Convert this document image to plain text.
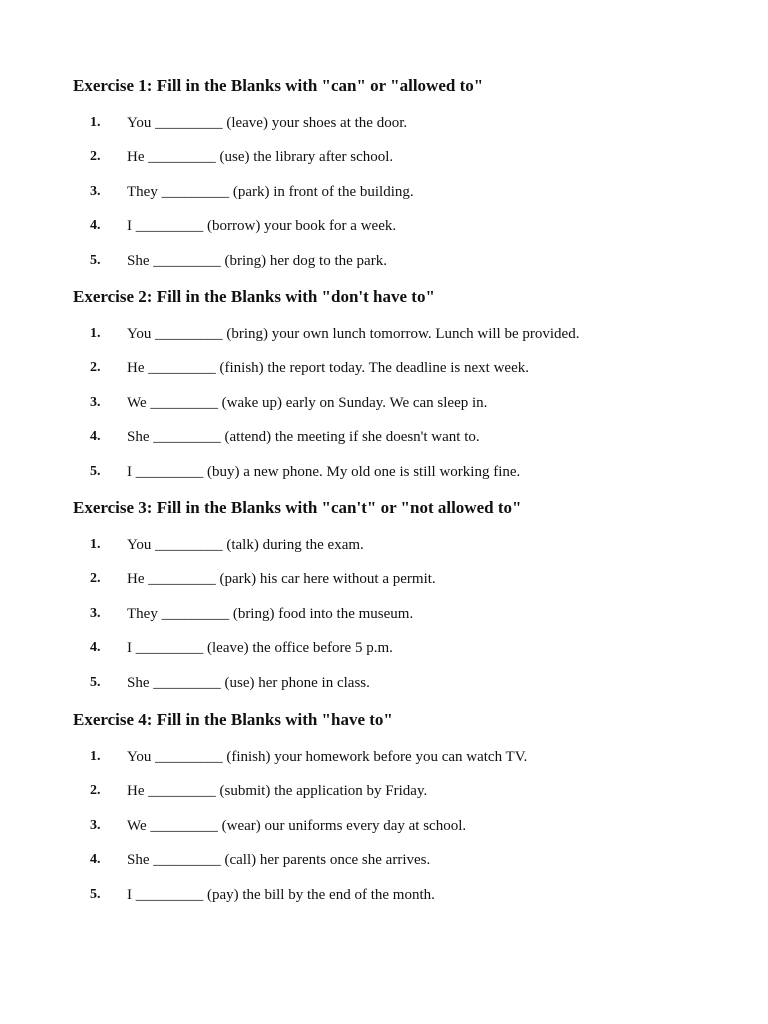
Exercise 1: Fill in the Blanks with "can" or "allowed to"
1.	You _________ (leave) your shoes at the door.
2.	He _________ (use) the library after school.
3.	They _________ (park) in front of the building.
4.	I _________ (borrow) your book for a week.
5.	She _________ (bring) her dog to the park.
Exercise 2: Fill in the Blanks with "don't have to"
1.	You _________ (bring) your own lunch tomorrow. Lunch will be provided.
2.	He _________ (finish) the report today. The deadline is next week.
3.	We _________ (wake up) early on Sunday. We can sleep in.
4.	She _________ (attend) the meeting if she doesn't want to.
5.	I _________ (buy) a new phone. My old one is still working fine.
Exercise 3: Fill in the Blanks with "can't" or "not allowed to"
1.	You _________ (talk) during the exam.
2.	He _________ (park) his car here without a permit.
3.	They _________ (bring) food into the museum.
4.	I _________ (leave) the office before 5 p.m.
5.	She _________ (use) her phone in class.
Exercise 4: Fill in the Blanks with "have to"
1.	You _________ (finish) your homework before you can watch TV.
2.	He _________ (submit) the application by Friday.
3.	We _________ (wear) our uniforms every day at school.
4.	She _________ (call) her parents once she arrives.
5.	I _________ (pay) the bill by the end of the month.
